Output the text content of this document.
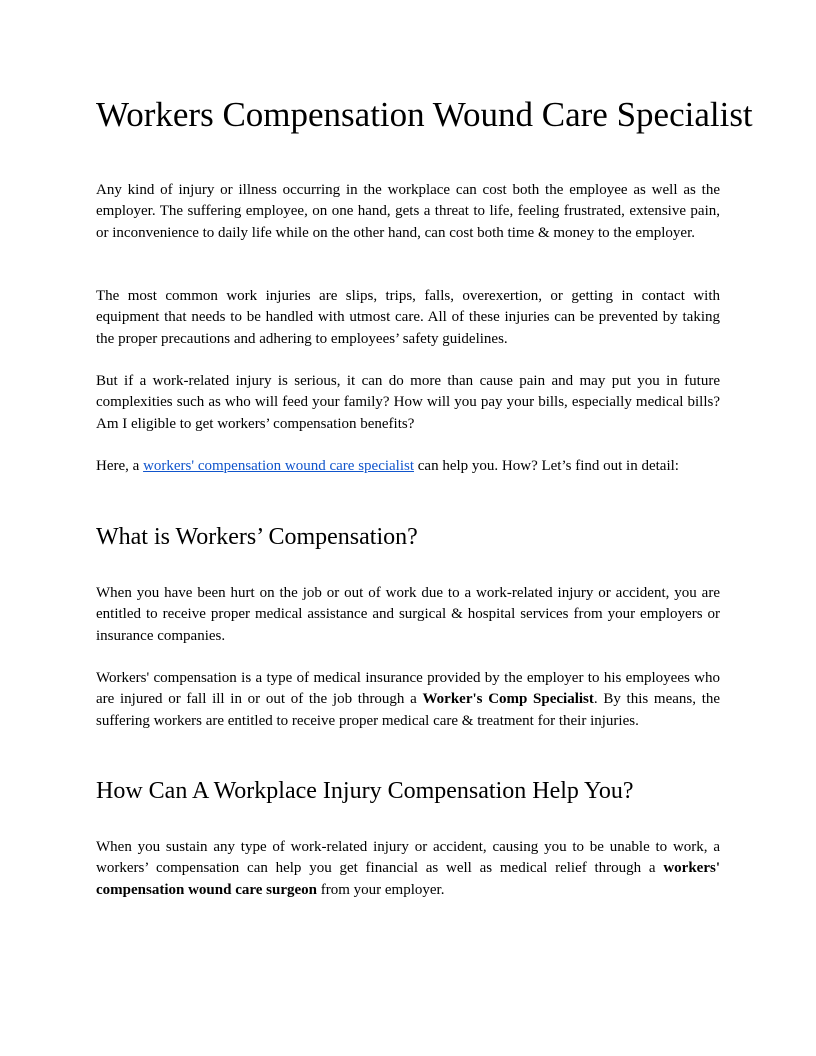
Workers Compensation Wound Care Specialist

Any kind of injury or illness occurring in the workplace can cost both the employee as well as the employer. The suffering employee, on one hand, gets a threat to life, feeling frustrated, extensive pain, or inconvenience to daily life while on the other hand, can cost both time & money to the employer.

The most common work injuries are slips, trips, falls, overexertion, or getting in contact with equipment that needs to be handled with utmost care. All of these injuries can be prevented by taking the proper precautions and adhering to employees’ safety guidelines.

But if a work-related injury is serious, it can do more than cause pain and may put you in future complexities such as who will feed your family? How will you pay your bills, especially medical bills? Am I eligible to get workers’ compensation benefits?

Here, a workers' compensation wound care specialist can help you. How? Let’s find out in detail:

What is Workers’ Compensation?

When you have been hurt on the job or out of work due to a work-related injury or accident, you are entitled to receive proper medical assistance and surgical & hospital services from your employers or insurance companies.

Workers' compensation is a type of medical insurance provided by the employer to his employees who are injured or fall ill in or out of the job through a Worker's Comp Specialist. By this means, the suffering workers are entitled to receive proper medical care & treatment for their injuries.

How Can A Workplace Injury Compensation Help You?

When you sustain any type of work-related injury or accident, causing you to be unable to work, a workers’ compensation can help you get financial as well as medical relief through a workers' compensation wound care surgeon from your employer.
